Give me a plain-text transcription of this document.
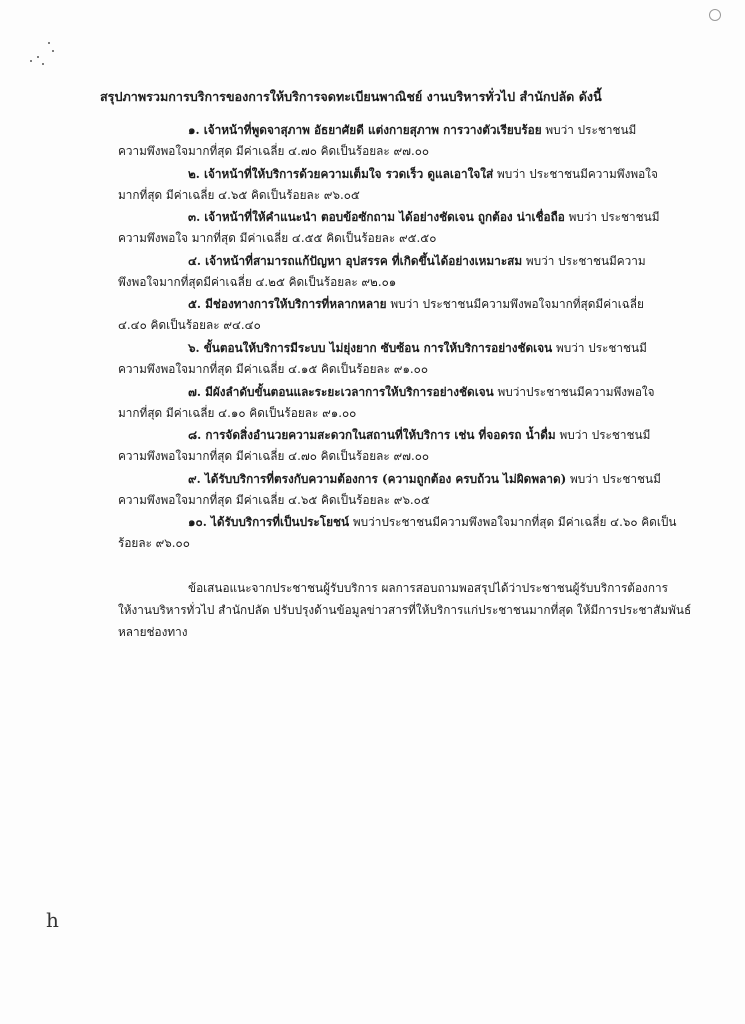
สรุปภาพรวมการบริการของการให้บริการจดทะเบียนพาณิชย์ งานบริหารทั่วไป สำนักปลัด ดังนี้
๑. เจ้าหน้าที่พูดจาสุภาพ อัธยาศัยดี แต่งกายสุภาพ การวางตัวเรียบร้อย พบว่า ประชาชนมี
ความพึงพอใจมากที่สุด มีค่าเฉลี่ย ๔.๗๐ คิดเป็นร้อยละ ๙๗.๐๐
๒. เจ้าหน้าที่ให้บริการด้วยความเต็มใจ รวดเร็ว ดูแลเอาใจใส่ พบว่า ประชาชนมีความพึงพอใจ
มากที่สุด มีค่าเฉลี่ย ๔.๖๕ คิดเป็นร้อยละ ๙๖.๐๕
๓. เจ้าหน้าที่ให้คำแนะนำ ตอบข้อซักถาม ได้อย่างชัดเจน ถูกต้อง น่าเชื่อถือ พบว่า ประชาชนมี
ความพึงพอใจ มากที่สุด มีค่าเฉลี่ย ๔.๕๕ คิดเป็นร้อยละ ๙๕.๕๐
๔. เจ้าหน้าที่สามารถแก้ปัญหา อุปสรรค ที่เกิดขึ้นได้อย่างเหมาะสม พบว่า ประชาชนมีความ
พึงพอใจมากที่สุดมีค่าเฉลี่ย ๔.๒๕ คิดเป็นร้อยละ ๙๒.๐๑
๕. มีช่องทางการให้บริการที่หลากหลาย พบว่า ประชาชนมีความพึงพอใจมากที่สุดมีค่าเฉลี่ย
๔.๔๐ คิดเป็นร้อยละ ๙๔.๔๐
๖. ขั้นตอนให้บริการมีระบบ ไม่ยุ่งยาก ซับซ้อน การให้บริการอย่างชัดเจน พบว่า ประชาชนมี
ความพึงพอใจมากที่สุด มีค่าเฉลี่ย ๔.๑๕ คิดเป็นร้อยละ ๙๑.๐๐
๗. มีผังลำดับขั้นตอนและระยะเวลาการให้บริการอย่างชัดเจน พบว่าประชาชนมีความพึงพอใจ
มากที่สุด มีค่าเฉลี่ย ๔.๑๐ คิดเป็นร้อยละ ๙๑.๐๐
๘. การจัดสิ่งอำนวยความสะดวกในสถานที่ให้บริการ เช่น ที่จอดรถ น้ำดื่ม พบว่า ประชาชนมี
ความพึงพอใจมากที่สุด มีค่าเฉลี่ย ๔.๗๐ คิดเป็นร้อยละ ๙๗.๐๐
๙. ได้รับบริการที่ตรงกับความต้องการ (ความถูกต้อง ครบถ้วน ไม่ผิดพลาด) พบว่า ประชาชนมี
ความพึงพอใจมากที่สุด มีค่าเฉลี่ย ๔.๖๕ คิดเป็นร้อยละ ๙๖.๐๕
๑๐. ได้รับบริการที่เป็นประโยชน์ พบว่าประชาชนมีความพึงพอใจมากที่สุด มีค่าเฉลี่ย ๔.๖๐ คิดเป็น
ร้อยละ ๙๖.๐๐
ข้อเสนอแนะจากประชาชนผู้รับบริการ ผลการสอบถามพอสรุปได้ว่าประชาชนผู้รับบริการต้องการ
ให้งานบริหารทั่วไป สำนักปลัด ปรับปรุงด้านข้อมูลข่าวสารที่ให้บริการแก่ประชาชนมากที่สุด ให้มีการประชาสัมพันธ์
หลายช่องทาง
h
